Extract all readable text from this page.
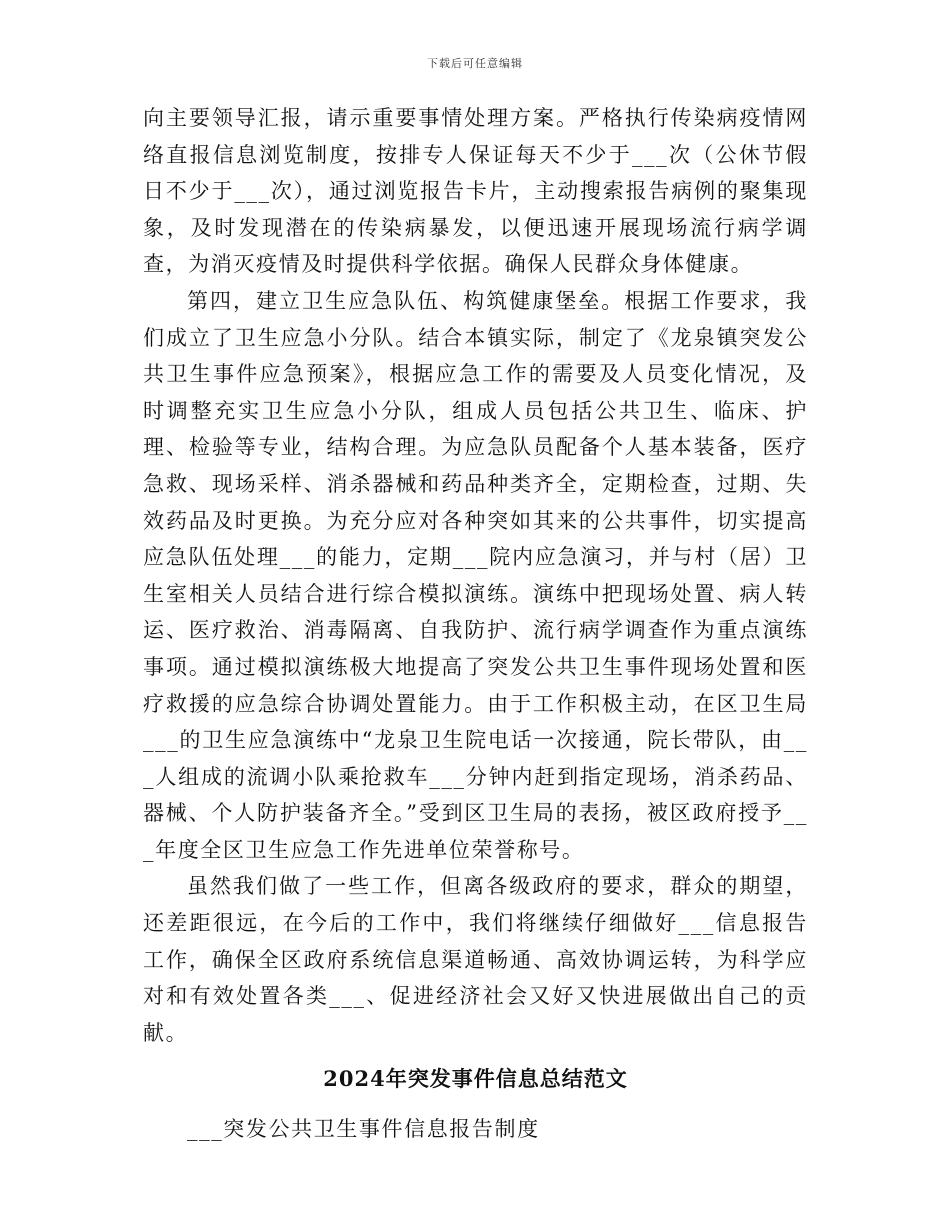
下载后可任意编辑

向主要领导汇报，请示重要事情处理方案。严格执行传染病疫情网络直报信息浏览制度，按排专人保证每天不少于___次（公休节假日不少于___次），通过浏览报告卡片，主动搜索报告病例的聚集现象，及时发现潜在的传染病暴发，以便迅速开展现场流行病学调查，为消灭疫情及时提供科学依据。确保人民群众身体健康。

第四，建立卫生应急队伍、构筑健康堡垒。根据工作要求，我们成立了卫生应急小分队。结合本镇实际，制定了《龙泉镇突发公共卫生事件应急预案》，根据应急工作的需要及人员变化情况，及时调整充实卫生应急小分队，组成人员包括公共卫生、临床、护理、检验等专业，结构合理。为应急队员配备个人基本装备，医疗急救、现场采样、消杀器械和药品种类齐全，定期检查，过期、失效药品及时更换。为充分应对各种突如其来的公共事件，切实提高应急队伍处理___的能力，定期___院内应急演习，并与村（居）卫生室相关人员结合进行综合模拟演练。演练中把现场处置、病人转运、医疗救治、消毒隔离、自我防护、流行病学调查作为重点演练事项。通过模拟演练极大地提高了突发公共卫生事件现场处置和医疗救援的应急综合协调处置能力。由于工作积极主动，在区卫生局___的卫生应急演练中“龙泉卫生院电话一次接通，院长带队，由___人组成的流调小队乘抢救车___分钟内赶到指定现场，消杀药品、器械、个人防护装备齐全。”受到区卫生局的表扬，被区政府授予___年度全区卫生应急工作先进单位荣誉称号。

虽然我们做了一些工作，但离各级政府的要求，群众的期望，还差距很远，在今后的工作中，我们将继续仔细做好___信息报告工作，确保全区政府系统信息渠道畅通、高效协调运转，为科学应对和有效处置各类___、促进经济社会又好又快进展做出自己的贡献。

2024年突发事件信息总结范文

___突发公共卫生事件信息报告制度
